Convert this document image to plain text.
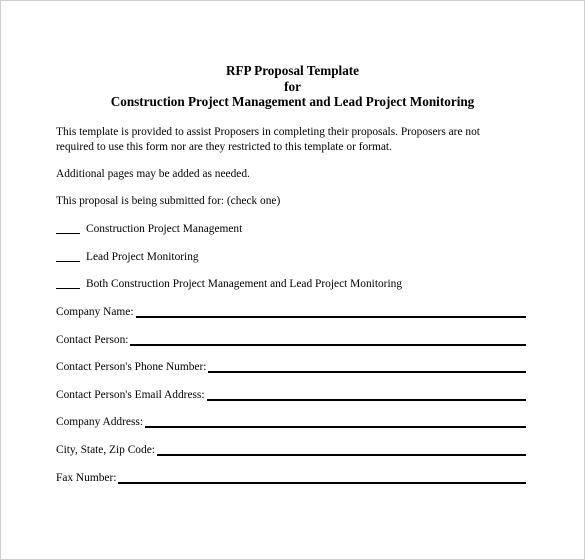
RFP Proposal Template
for
Construction Project Management and Lead Project Monitoring
This template is provided to assist Proposers in completing their proposals. Proposers are not
required to use this form nor are they restricted to this template or format.
Additional pages may be added as needed.
This proposal is being submitted for: (check one)
Construction Project Management
Lead Project Monitoring
Both Construction Project Management and Lead Project Monitoring
Company Name:
Contact Person:
Contact Person's Phone Number:
Contact Person's Email Address:
Company Address:
City, State, Zip Code:
Fax Number:
